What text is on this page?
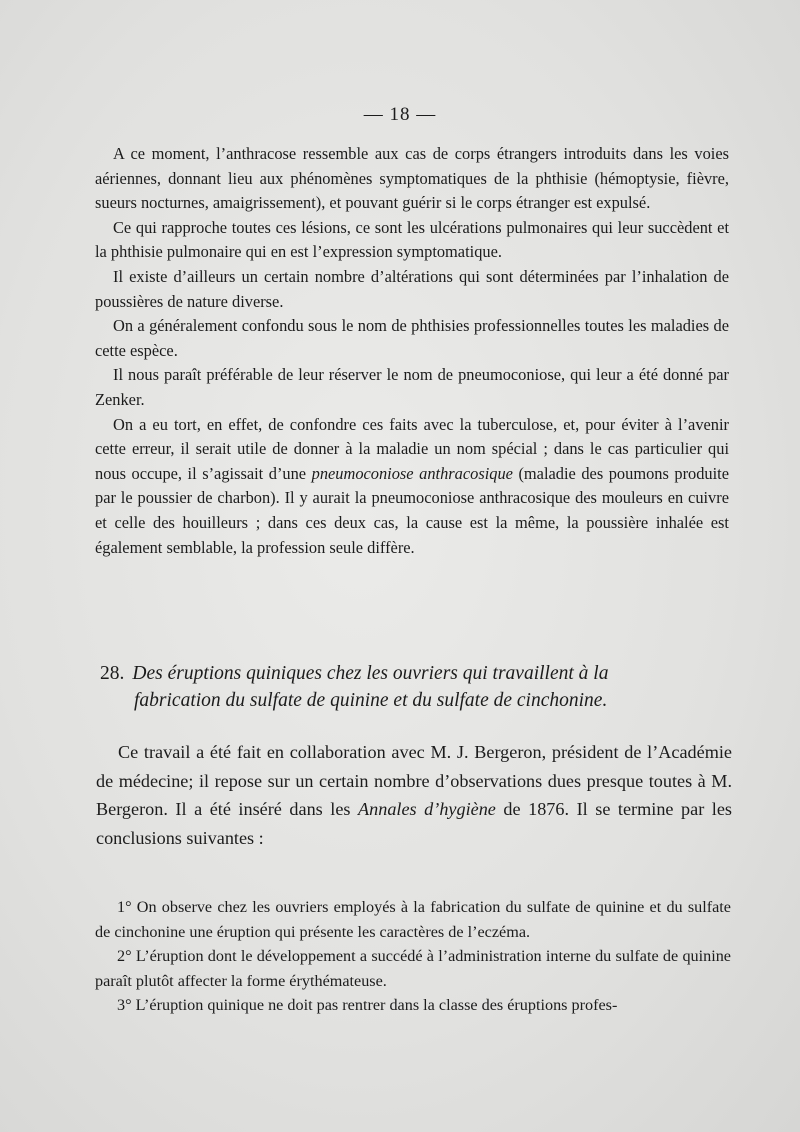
— 18 —

A ce moment, l’anthracose ressemble aux cas de corps étrangers introduits dans les voies aériennes, donnant lieu aux phénomènes symptomatiques de la phthisie (hémoptysie, fièvre, sueurs nocturnes, amaigrissement), et pouvant guérir si le corps étranger est expulsé.

Ce qui rapproche toutes ces lésions, ce sont les ulcérations pulmonaires qui leur succèdent et la phthisie pulmonaire qui en est l’expression symptomatique.

Il existe d’ailleurs un certain nombre d’altérations qui sont déterminées par l’inhalation de poussières de nature diverse.

On a généralement confondu sous le nom de phthisies professionnelles toutes les maladies de cette espèce.

Il nous paraît préférable de leur réserver le nom de pneumoconiose, qui leur a été donné par Zenker.

On a eu tort, en effet, de confondre ces faits avec la tuberculose, et, pour éviter à l’avenir cette erreur, il serait utile de donner à la maladie un nom spécial ; dans le cas particulier qui nous occupe, il s’agissait d’une pneumoconiose anthracosique (maladie des poumons produite par le poussier de charbon). Il y aurait la pneumoconiose anthracosique des mouleurs en cuivre et celle des houilleurs ; dans ces deux cas, la cause est la même, la poussière inhalée est également semblable, la profession seule diffère.

28. Des éruptions quiniques chez les ouvriers qui travaillent à la
fabrication du sulfate de quinine et du sulfate de cinchonine.

Ce travail a été fait en collaboration avec M. J. Bergeron, président de l’Académie de médecine; il repose sur un certain nombre d’observations dues presque toutes à M. Bergeron. Il a été inséré dans les Annales d’hygiène de 1876. Il se termine par les conclusions suivantes :

1° On observe chez les ouvriers employés à la fabrication du sulfate de quinine et du sulfate de cinchonine une éruption qui présente les caractères de l’eczéma.

2° L’éruption dont le développement a succédé à l’administration interne du sulfate de quinine paraît plutôt affecter la forme érythémateuse.

3° L’éruption quinique ne doit pas rentrer dans la classe des éruptions profes-
